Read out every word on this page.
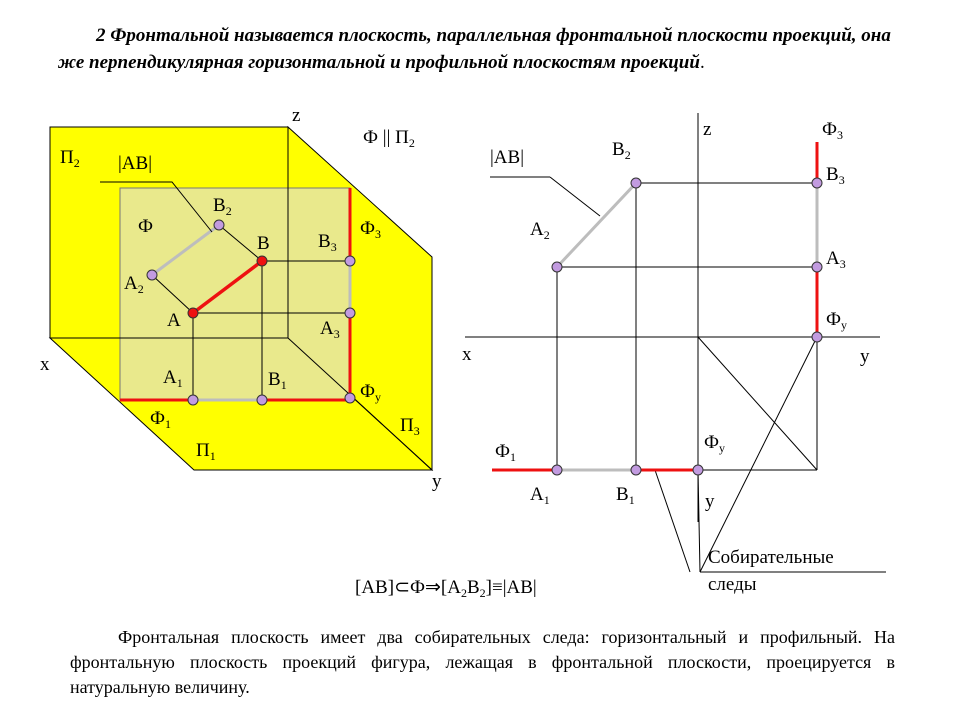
2 Фронтальной называется плоскость, параллельная фронтальной плоскости проекций, она же перпендикулярная горизонтальной и профильной плоскостям проекций.
$П_2$
z
Ф || $П_2$
|AB|
Ф
$B_2$
B	$B_3$
$Ф_3$
$A_2$
A	$A_3$
x
$A_1$	$B_1$	$Ф_y$
$Ф_1$	$П_3$
$П_1$
y
z	$Ф_3$
|AB|	$B_2$
$B_3$
$A_2$
$A_3$
$Ф_у$
x	y
$Ф_у$
$Ф_1$
$A_1$	$B_1$	y
Собирательные
следы
$[AB]\subset Ф\Rightarrow[A_2B_2]\equiv|AB|$
Фронтальная плоскость имеет два собирательных следа: горизонтальный и профильный. На фронтальную плоскость проекций фигура, лежащая в фронтальной плоскости, проецируется в натуральную величину.
